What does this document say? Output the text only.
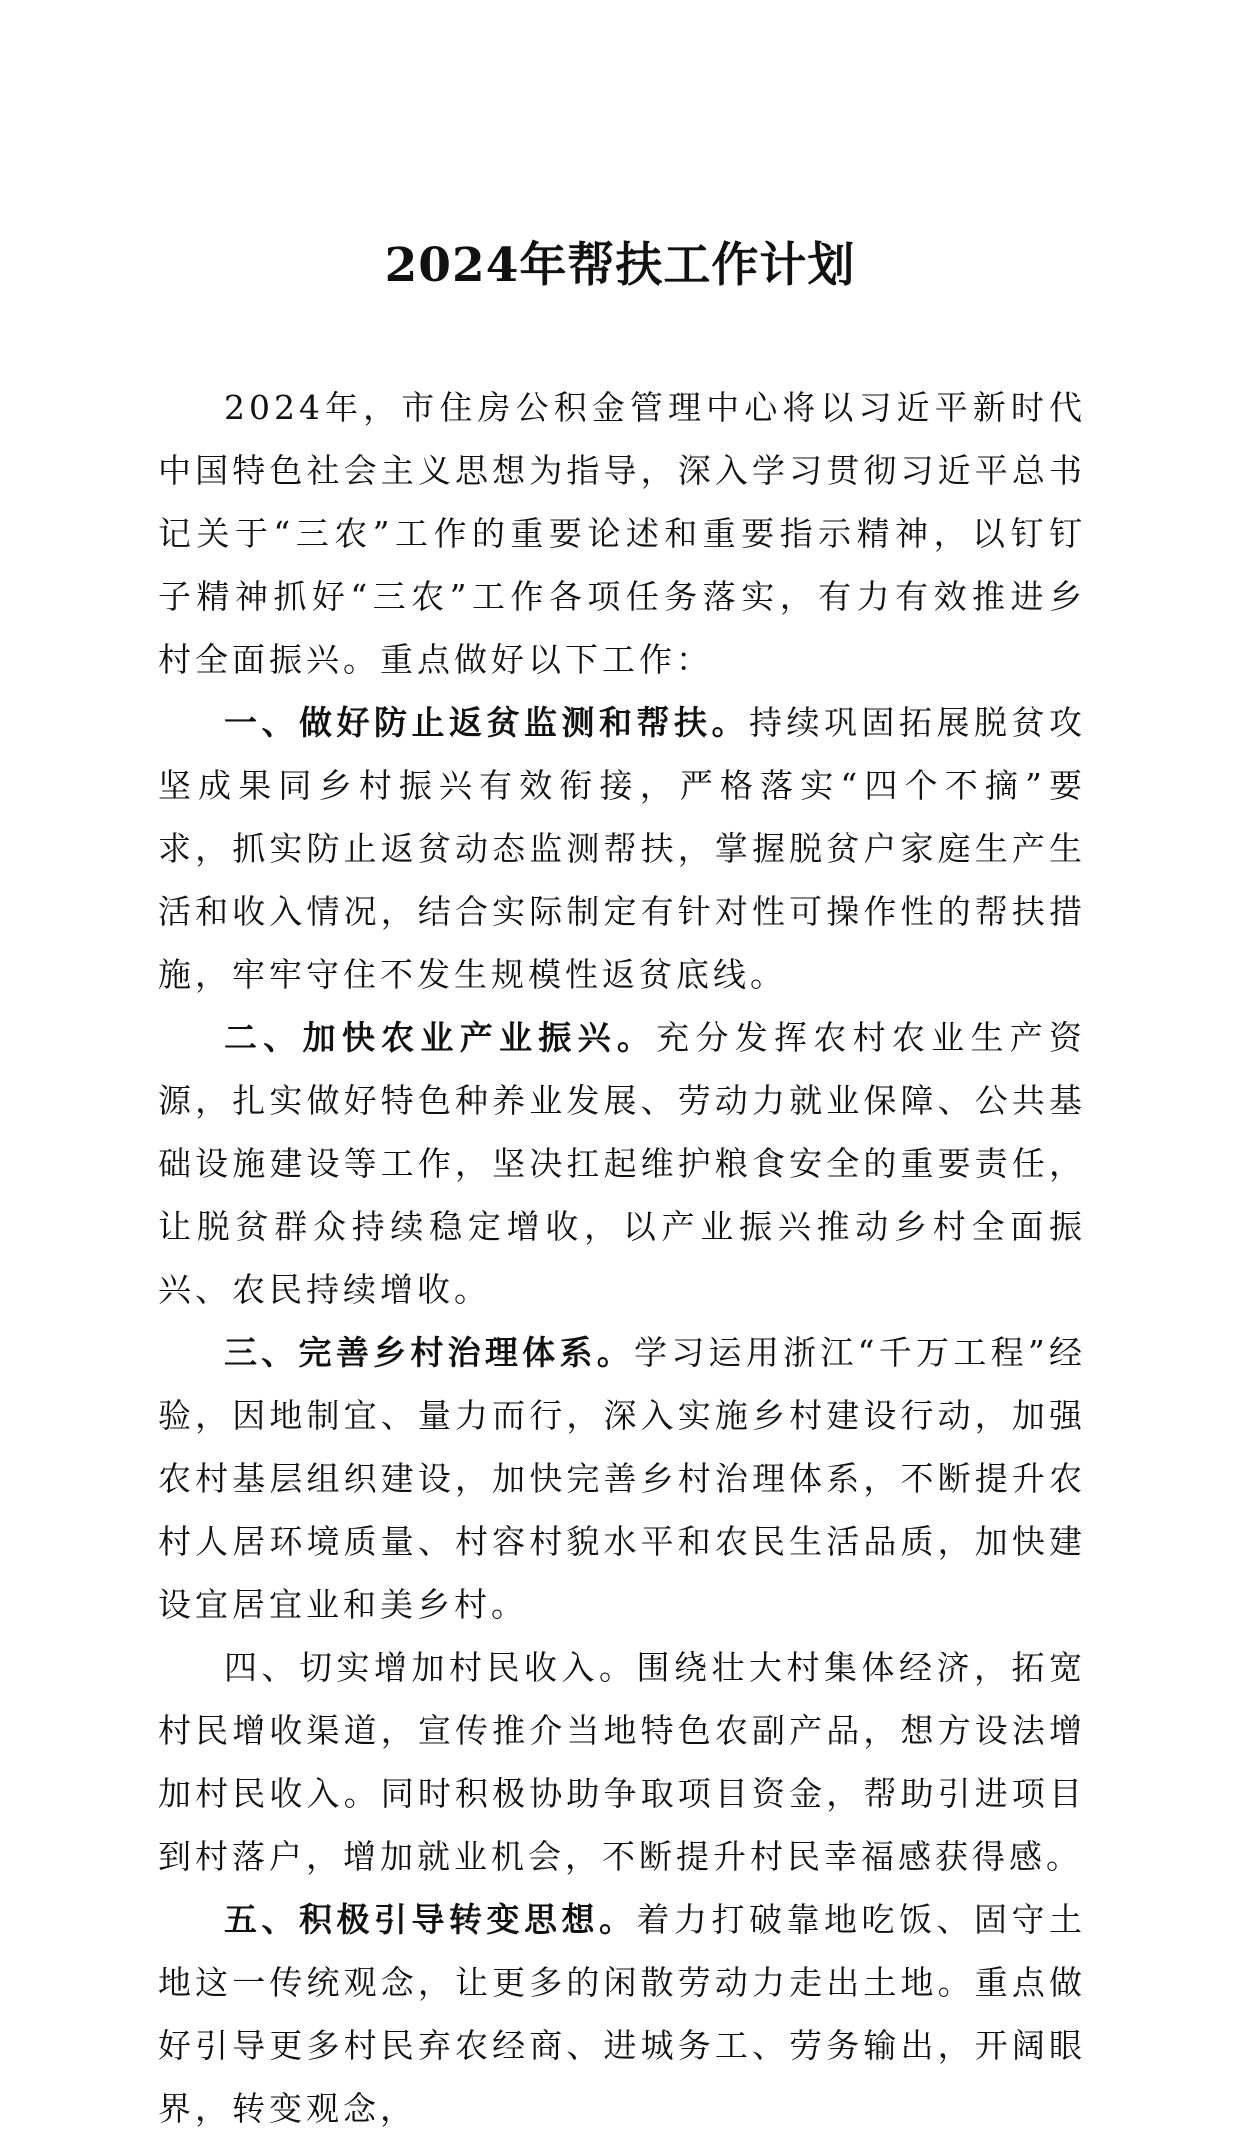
2024年帮扶工作计划

2024年，市住房公积金管理中心将以习近平新时代中国特色社会主义思想为指导，深入学习贯彻习近平总书记关于“三农”工作的重要论述和重要指示精神，以钉钉子精神抓好“三农”工作各项任务落实，有力有效推进乡村全面振兴。重点做好以下工作：

一、做好防止返贫监测和帮扶。持续巩固拓展脱贫攻坚成果同乡村振兴有效衔接，严格落实“四个不摘”要求，抓实防止返贫动态监测帮扶，掌握脱贫户家庭生产生活和收入情况，结合实际制定有针对性可操作性的帮扶措施，牢牢守住不发生规模性返贫底线。

二、加快农业产业振兴。充分发挥农村农业生产资源，扎实做好特色种养业发展、劳动力就业保障、公共基础设施建设等工作，坚决扛起维护粮食安全的重要责任，让脱贫群众持续稳定增收，以产业振兴推动乡村全面振兴、农民持续增收。

三、完善乡村治理体系。学习运用浙江“千万工程”经验，因地制宜、量力而行，深入实施乡村建设行动，加强农村基层组织建设，加快完善乡村治理体系，不断提升农村人居环境质量、村容村貌水平和农民生活品质，加快建设宜居宜业和美乡村。

四、切实增加村民收入。围绕壮大村集体经济，拓宽村民增收渠道，宣传推介当地特色农副产品，想方设法增加村民收入。同时积极协助争取项目资金，帮助引进项目到村落户，增加就业机会，不断提升村民幸福感获得感。

五、积极引导转变思想。着力打破靠地吃饭、固守土地这一传统观念，让更多的闲散劳动力走出土地。重点做好引导更多村民弃农经商、进城务工、劳务输出，开阔眼界，转变观念，
